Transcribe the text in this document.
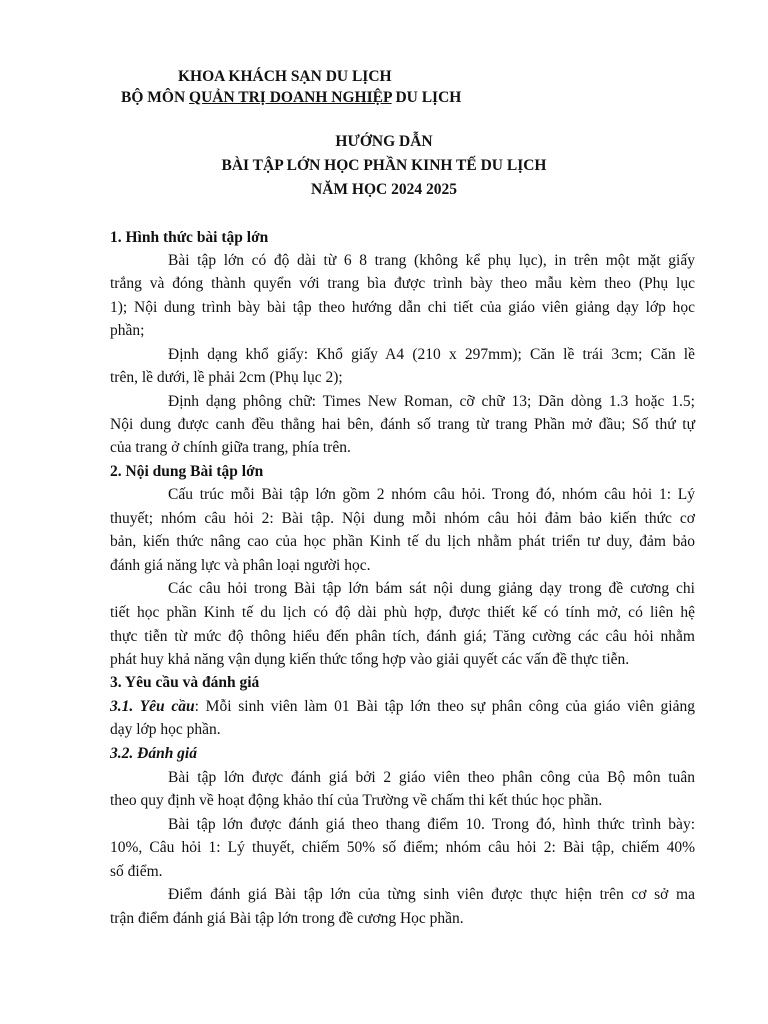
KHOA KHÁCH SẠN DU LỊCH
BỘ MÔN QUẢN TRỊ DOANH NGHIỆP DU LỊCH
HƯỚNG DẪN
BÀI TẬP LỚN HỌC PHẦN KINH TẾ DU LỊCH
NĂM HỌC 2024 2025
1. Hình thức bài tập lớn
Bài tập lớn có độ dài từ 6 8 trang (không kể phụ lục), in trên một mặt giấy
trắng và đóng thành quyển với trang bìa được trình bày theo mẫu kèm theo (Phụ lục
1); Nội dung trình bày bài tập theo hướng dẫn chi tiết của giáo viên giảng dạy lớp học
phần;
Định dạng khổ giấy: Khổ giấy A4 (210 x 297mm); Căn lề trái 3cm; Căn lề
trên, lề dưới, lề phải 2cm (Phụ lục 2);
Định dạng phông chữ: Times New Roman, cỡ chữ 13; Dãn dòng 1.3 hoặc 1.5;
Nội dung được canh đều thẳng hai bên, đánh số trang từ trang Phần mở đầu; Số thứ tự
của trang ở chính giữa trang, phía trên.
2. Nội dung Bài tập lớn
Cấu trúc mỗi Bài tập lớn gồm 2 nhóm câu hỏi. Trong đó, nhóm câu hỏi 1: Lý
thuyết; nhóm câu hỏi 2: Bài tập. Nội dung mỗi nhóm câu hỏi đảm bảo kiến thức cơ
bản, kiến thức nâng cao của học phần Kinh tế du lịch nhằm phát triển tư duy, đảm bảo
đánh giá năng lực và phân loại người học.
Các câu hỏi trong Bài tập lớn bám sát nội dung giảng dạy trong đề cương chi
tiết học phần Kinh tế du lịch có độ dài phù hợp, được thiết kế có tính mở, có liên hệ
thực tiễn từ mức độ thông hiểu đến phân tích, đánh giá; Tăng cường các câu hỏi nhằm
phát huy khả năng vận dụng kiến thức tổng hợp vào giải quyết các vấn đề thực tiễn.
3. Yêu cầu và đánh giá
3.1. Yêu cầu: Mỗi sinh viên làm 01 Bài tập lớn theo sự phân công của giáo viên giảng
dạy lớp học phần.
3.2. Đánh giá
Bài tập lớn được đánh giá bởi 2 giáo viên theo phân công của Bộ môn tuân
theo quy định về hoạt động khảo thí của Trường về chấm thi kết thúc học phần.
Bài tập lớn được đánh giá theo thang điểm 10. Trong đó, hình thức trình bày:
10%, Câu hỏi 1: Lý thuyết, chiếm 50% số điểm; nhóm câu hỏi 2: Bài tập, chiếm 40%
số điểm.
Điểm đánh giá Bài tập lớn của từng sinh viên được thực hiện trên cơ sở ma
trận điểm đánh giá Bài tập lớn trong đề cương Học phần.
